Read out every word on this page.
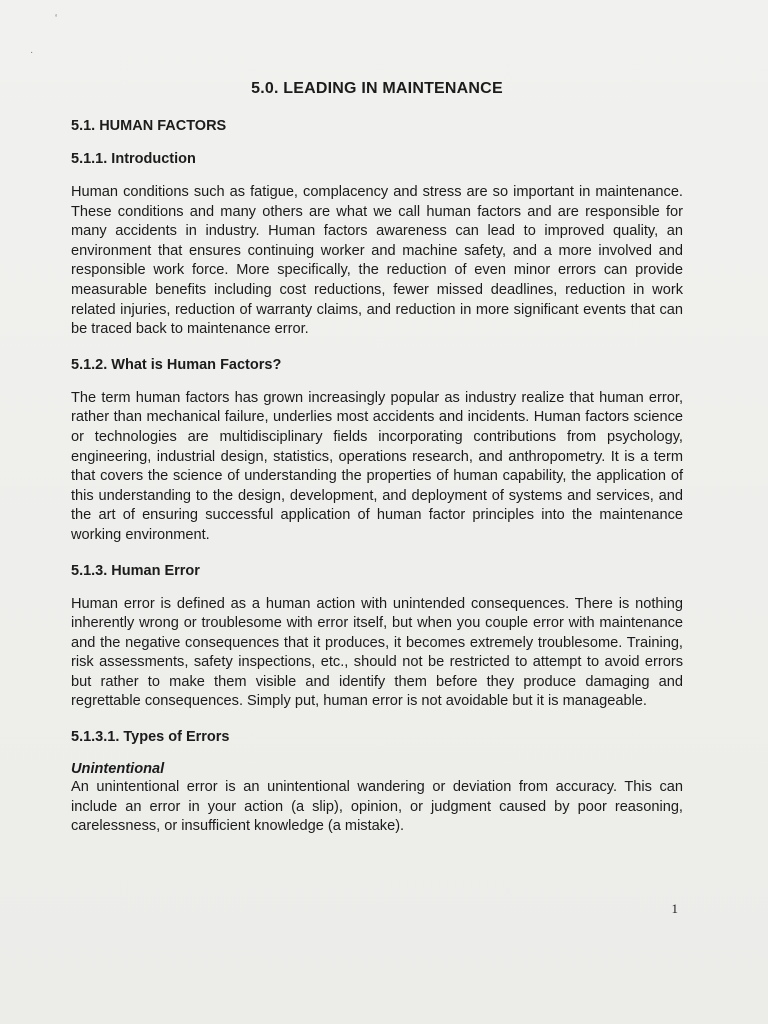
‘
·
5.0. LEADING IN MAINTENANCE
5.1. HUMAN FACTORS
5.1.1. Introduction

Human conditions such as fatigue, complacency and stress are so important in maintenance. These conditions and many others are what we call human factors and are responsible for many accidents in industry. Human factors awareness can lead to improved quality, an environment that ensures continuing worker and machine safety, and a more involved and responsible work force. More specifically, the reduction of even minor errors can provide measurable benefits including cost reductions, fewer missed deadlines, reduction in work related injuries, reduction of warranty claims, and reduction in more significant events that can be traced back to maintenance error.

5.1.2. What is Human Factors?

The term human factors has grown increasingly popular as industry realize that human error, rather than mechanical failure, underlies most accidents and incidents. Human factors science or technologies are multidisciplinary fields incorporating contributions from psychology, engineering, industrial design, statistics, operations research, and anthropometry. It is a term that covers the science of understanding the properties of human capability, the application of this understanding to the design, development, and deployment of systems and services, and the art of ensuring successful application of human factor principles into the maintenance working environment.

5.1.3. Human Error

Human error is defined as a human action with unintended consequences. There is nothing inherently wrong or troublesome with error itself, but when you couple error with maintenance and the negative consequences that it produces, it becomes extremely troublesome. Training, risk assessments, safety inspections, etc., should not be restricted to attempt to avoid errors but rather to make them visible and identify them before they produce damaging and regrettable consequences. Simply put, human error is not avoidable but it is manageable.

5.1.3.1. Types of Errors
Unintentional

An unintentional error is an unintentional wandering or deviation from accuracy. This can include an error in your action (a slip), opinion, or judgment caused by poor reasoning, carelessness, or insufficient knowledge (a mistake).

1
